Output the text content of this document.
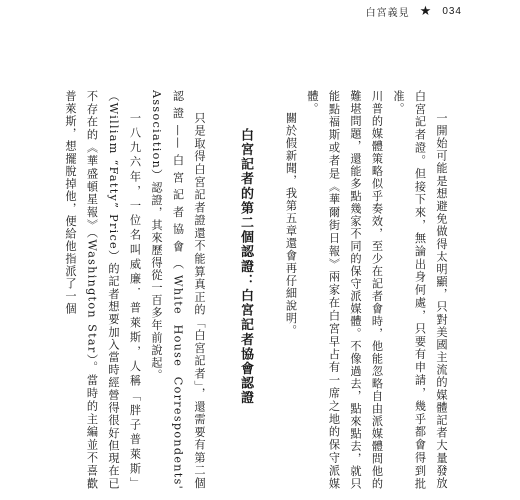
白宮義見 ★ 034

一開始可能是想避免做得太明顯，只對美國主流的媒體記者大量發放白宮記者證。但接下來，無論出身何處，只要有申請，幾乎都會得到批准。

川普的媒體策略似乎奏效，至少在記者會時，他能忽略自由派媒體問他的難堪問題，還能多點幾家不同的保守派媒體。不像過去，點來點去，就只能點福斯或者是《華爾街日報》兩家在白宮早占有一席之地的保守派媒體。

關於假新聞，我第五章還會再仔細說明。

白宮記者的第二個認證：白宮記者協會認證

只是取得白宮記者證還不能算真正的「白宮記者」，還需要有第二個認證——白宮記者協會（White House Correspondents' Association）認證，其來歷得從一百多年前說起。

一八九六年，一位名叫威廉．普萊斯，人稱「胖子普萊斯」（William “Fatty” Price）的記者想要加入當時經營得很好但現在已不存在的《華盛頓星報》（Washington Star）。當時的主編並不喜歡普萊斯，想擺脫掉他，便給他指派了一個
